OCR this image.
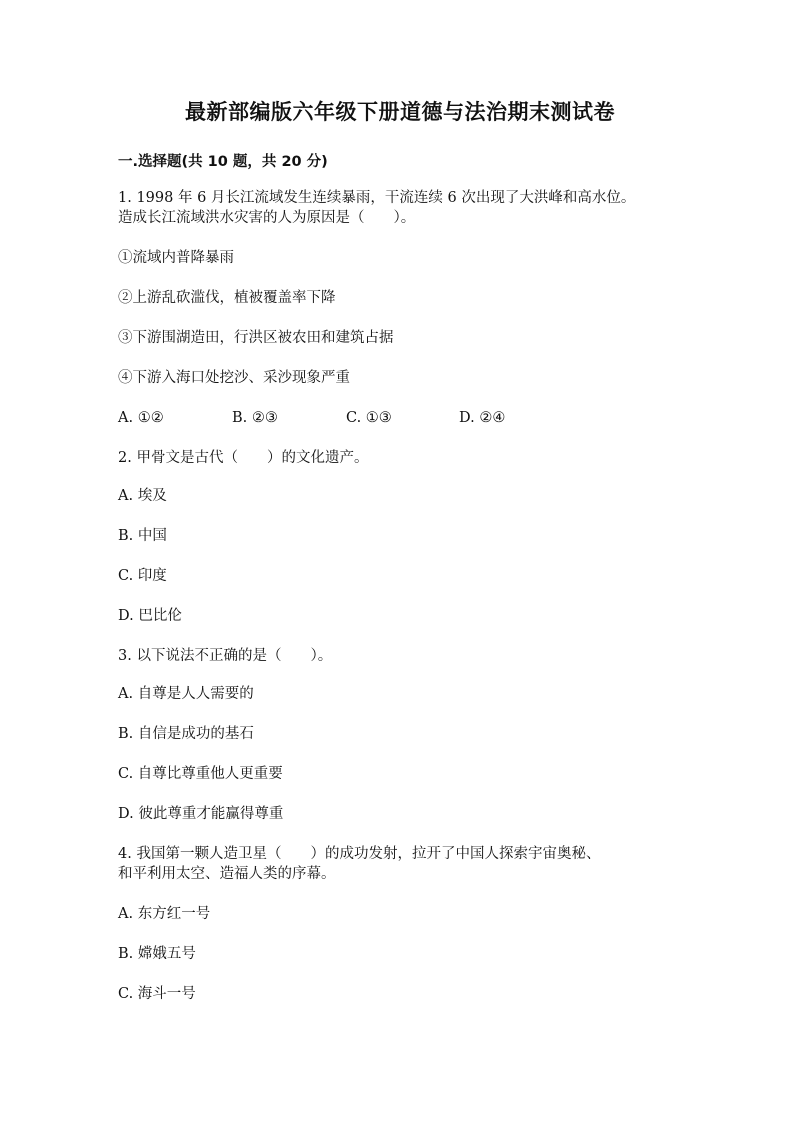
最新部编版六年级下册道德与法治期末测试卷
一.选择题(共 10 题，共 20 分)
1. 1998 年 6 月长江流域发生连续暴雨，干流连续 6 次出现了大洪峰和高水位。
造成长江流域洪水灾害的人为原因是（　　）。
①流域内普降暴雨
②上游乱砍滥伐，植被覆盖率下降
③下游围湖造田，行洪区被农田和建筑占据
④下游入海口处挖沙、采沙现象严重
A. ①②	B. ②③	C. ①③	D. ②④
2. 甲骨文是古代（　　）的文化遗产。
A. 埃及
B. 中国
C. 印度
D. 巴比伦
3. 以下说法不正确的是（　　）。
A. 自尊是人人需要的
B. 自信是成功的基石
C. 自尊比尊重他人更重要
D. 彼此尊重才能赢得尊重
4. 我国第一颗人造卫星（　　）的成功发射，拉开了中国人探索宇宙奥秘、
和平利用太空、造福人类的序幕。
A. 东方红一号
B. 嫦娥五号
C. 海斗一号
